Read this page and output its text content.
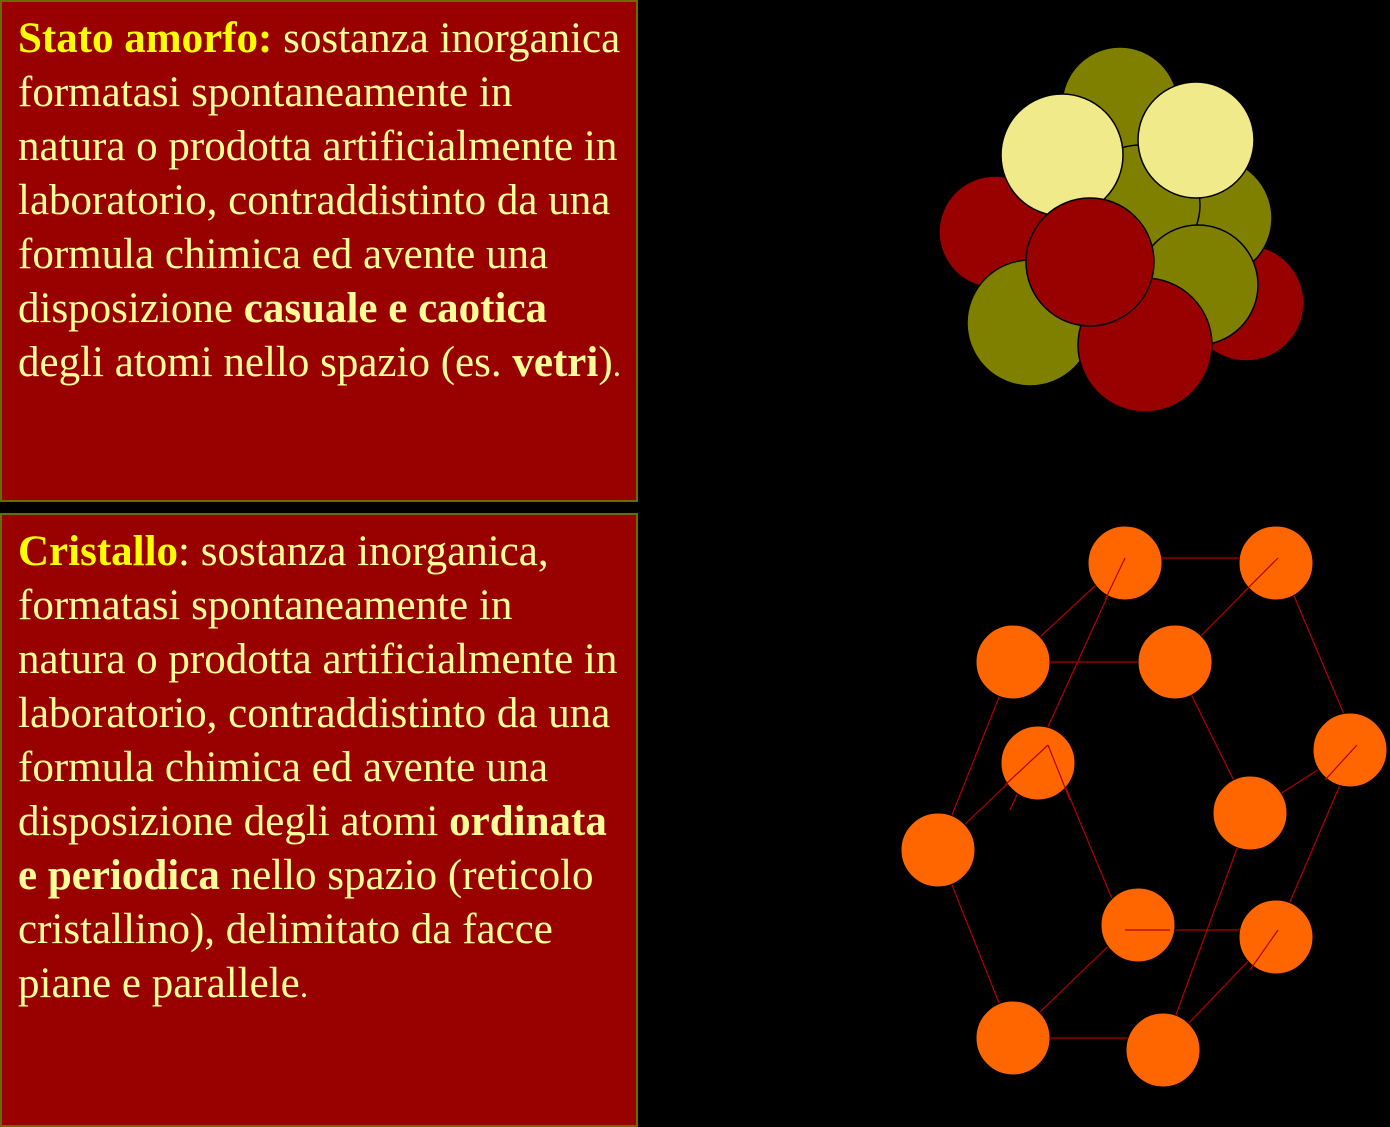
Stato amorfo: sostanza inorganica formatasi spontaneamente in natura o prodotta artificialmente in laboratorio, contraddistinto da una formula chimica ed avente una disposizione casuale e caotica degli atomi nello spazio (es. vetri).
Cristallo: sostanza inorganica, formatasi spontaneamente in natura o prodotta artificialmente in laboratorio, contraddistinto da una formula chimica ed avente una disposizione degli atomi ordinata e periodica nello spazio (reticolo cristallino), delimitato da facce piane e parallele.
